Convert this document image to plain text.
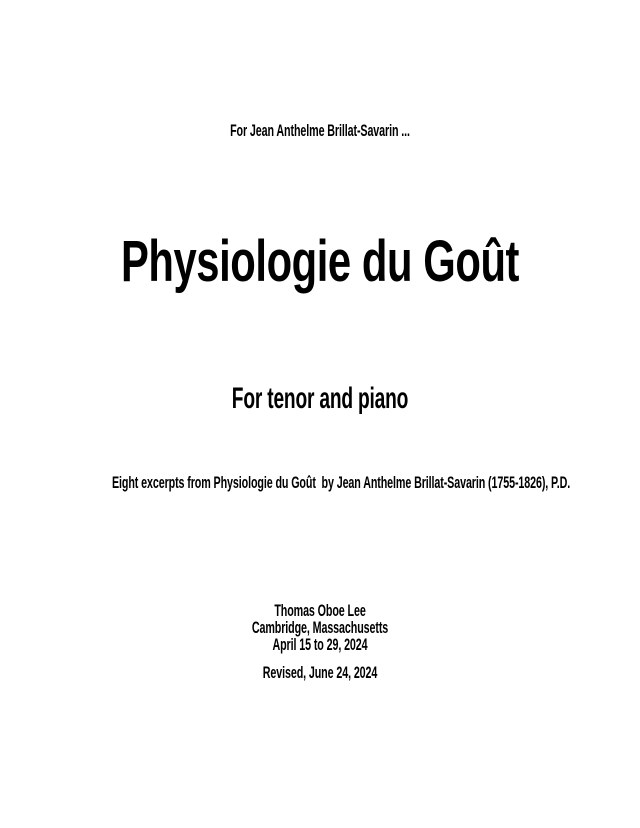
For Jean Anthelme Brillat-Savarin ...
Physiologie du Goût
For tenor and piano
Eight excerpts from Physiologie du Goût  by Jean Anthelme Brillat-Savarin (1755-1826), P.D.
Thomas Oboe Lee
Cambridge, Massachusetts
April 15 to 29, 2024
Revised, June 24, 2024
